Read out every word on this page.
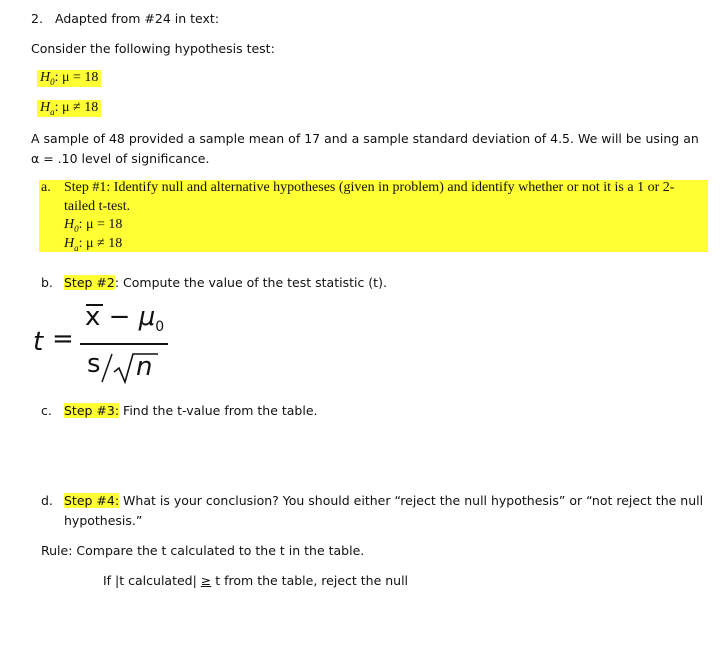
2. Adapted from #24 in text:
Consider the following hypothesis test:
$H_0$: μ = 18
$H_a$: μ ≠ 18
A sample of 48 provided a sample mean of 17 and a sample standard deviation of 4.5. We will be using an
α = .10 level of significance.
a. Step #1: Identify null and alternative hypotheses (given in problem) and identify whether or not it is a 1 or 2-
tailed t-test.
$H_0$: μ = 18
$H_a$: μ ≠ 18
b. Step #2: Compute the value of the test statistic (t).
t =
$x - \mu_0$
s n
c. Step #3: Find the t-value from the table.
d. Step #4: What is your conclusion? You should either “reject the null hypothesis” or “not reject the null
hypothesis.”
Rule: Compare the t calculated to the t in the table.
If |t calculated| ≥ t from the table, reject the null
